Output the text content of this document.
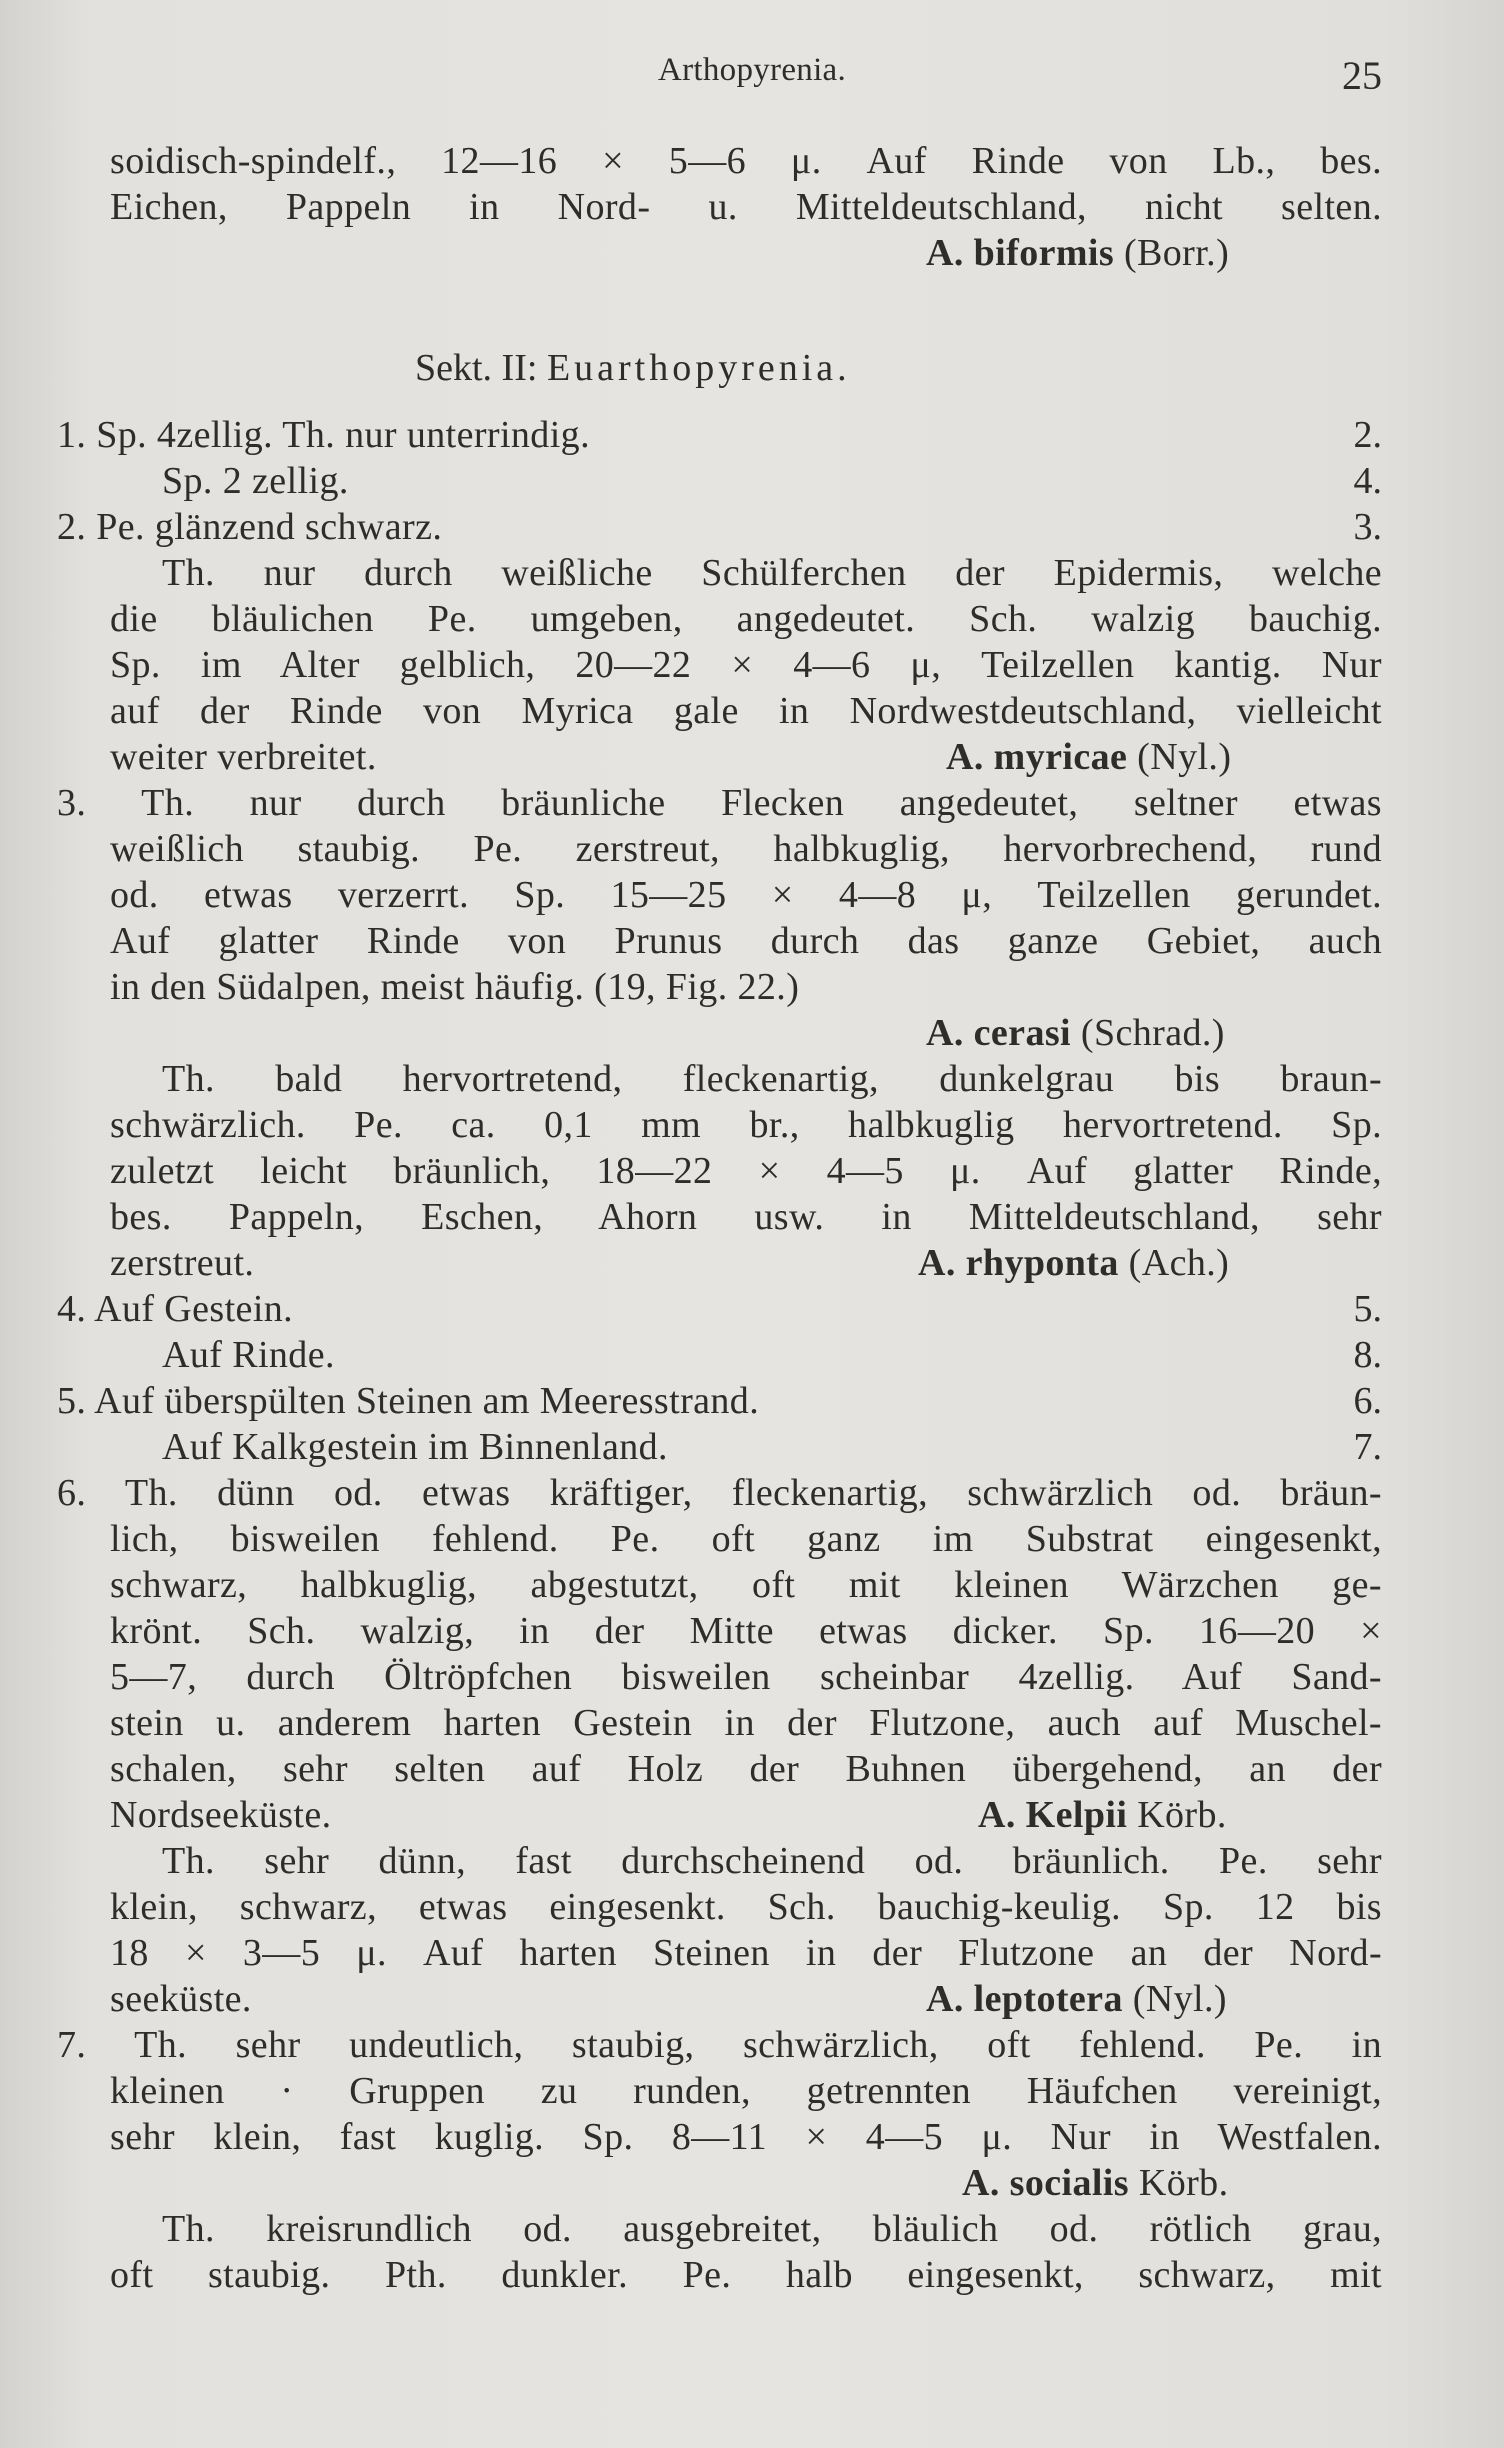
Arthopyrenia.	25
soidisch-spindelf., 12—16 × 5—6 μ. Auf Rinde von Lb., bes.
Eichen, Pappeln in Nord- u. Mitteldeutschland, nicht selten.
A. biformis (Borr.)
Sekt. II: Euarthopyrenia.
1. Sp. 4zellig. Th. nur unterrindig.	2.
Sp. 2 zellig.	4.
2. Pe. glänzend schwarz.	3.
Th. nur durch weißliche Schülferchen der Epidermis, welche
die bläulichen Pe. umgeben, angedeutet. Sch. walzig bauchig.
Sp. im Alter gelblich, 20—22 × 4—6 μ, Teilzellen kantig. Nur
auf der Rinde von Myrica gale in Nordwestdeutschland, vielleicht
weiter verbreitet.	A. myricae (Nyl.)
3. Th. nur durch bräunliche Flecken angedeutet, seltner etwas
weißlich staubig. Pe. zerstreut, halbkuglig, hervorbrechend, rund
od. etwas verzerrt. Sp. 15—25 × 4—8 μ, Teilzellen gerundet.
Auf glatter Rinde von Prunus durch das ganze Gebiet, auch
in den Südalpen, meist häufig. (19, Fig. 22.)
A. cerasi (Schrad.)
Th. bald hervortretend, fleckenartig, dunkelgrau bis braun-
schwärzlich. Pe. ca. 0,1 mm br., halbkuglig hervortretend. Sp.
zuletzt leicht bräunlich, 18—22 × 4—5 μ. Auf glatter Rinde,
bes. Pappeln, Eschen, Ahorn usw. in Mitteldeutschland, sehr
zerstreut.	A. rhyponta (Ach.)
4. Auf Gestein.	5.
Auf Rinde.	8.
5. Auf überspülten Steinen am Meeresstrand.	6.
Auf Kalkgestein im Binnenland.	7.
6. Th. dünn od. etwas kräftiger, fleckenartig, schwärzlich od. bräun-
lich, bisweilen fehlend. Pe. oft ganz im Substrat eingesenkt,
schwarz, halbkuglig, abgestutzt, oft mit kleinen Wärzchen ge-
krönt. Sch. walzig, in der Mitte etwas dicker. Sp. 16—20 ×
5—7, durch Öltröpfchen bisweilen scheinbar 4zellig. Auf Sand-
stein u. anderem harten Gestein in der Flutzone, auch auf Muschel-
schalen, sehr selten auf Holz der Buhnen übergehend, an der
Nordseeküste.	A. Kelpii Körb.
Th. sehr dünn, fast durchscheinend od. bräunlich. Pe. sehr
klein, schwarz, etwas eingesenkt. Sch. bauchig-keulig. Sp. 12 bis
18 × 3—5 μ. Auf harten Steinen in der Flutzone an der Nord-
seeküste.	A. leptotera (Nyl.)
7. Th. sehr undeutlich, staubig, schwärzlich, oft fehlend. Pe. in
kleinen · Gruppen zu runden, getrennten Häufchen vereinigt,
sehr klein, fast kuglig. Sp. 8—11 × 4—5 μ. Nur in Westfalen.
A. socialis Körb.
Th. kreisrundlich od. ausgebreitet, bläulich od. rötlich grau,
oft staubig. Pth. dunkler. Pe. halb eingesenkt, schwarz, mit
